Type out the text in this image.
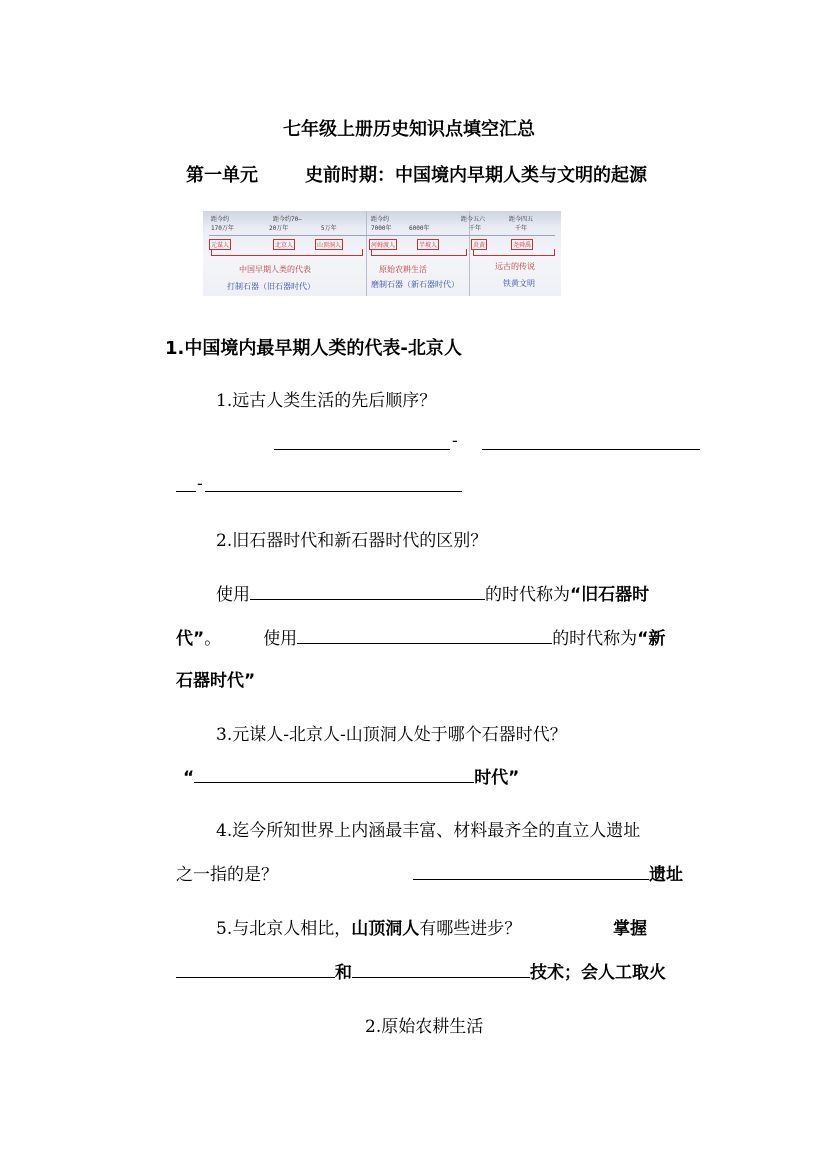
七年级上册历史知识点填空汇总
第一单元	史前时期：中国境内早期人类与文明的起源
距今约
170万年
距今约70—
20万年	5万年
距今约
7000年	6000年
距今五六
千年
距今四五
千年
元谋人	北京人	山顶洞人	河姆渡人	半坡人	炎黄	尧舜禹
中国早期人类的代表	原始农耕生活	远古的传说
打制石器（旧石器时代）	磨制石器（新石器时代）	铁黄文明
1.中国境内最早期人类的代表-北京人
1.远古人类生活的先后顺序？
-
-
2.旧石器时代和新石器时代的区别？
使用	的时代称为“旧石器时
代”。 使用	的时代称为“新
石器时代”
3.元谋人-北京人-山顶洞人处于哪个石器时代？
“	时代”
4.迄今所知世界上内涵最丰富、材料最齐全的直立人遗址
之一指的是？	遗址
5.与北京人相比，山顶洞人有哪些进步？	掌握
和	技术；会人工取火
2.原始农耕生活
